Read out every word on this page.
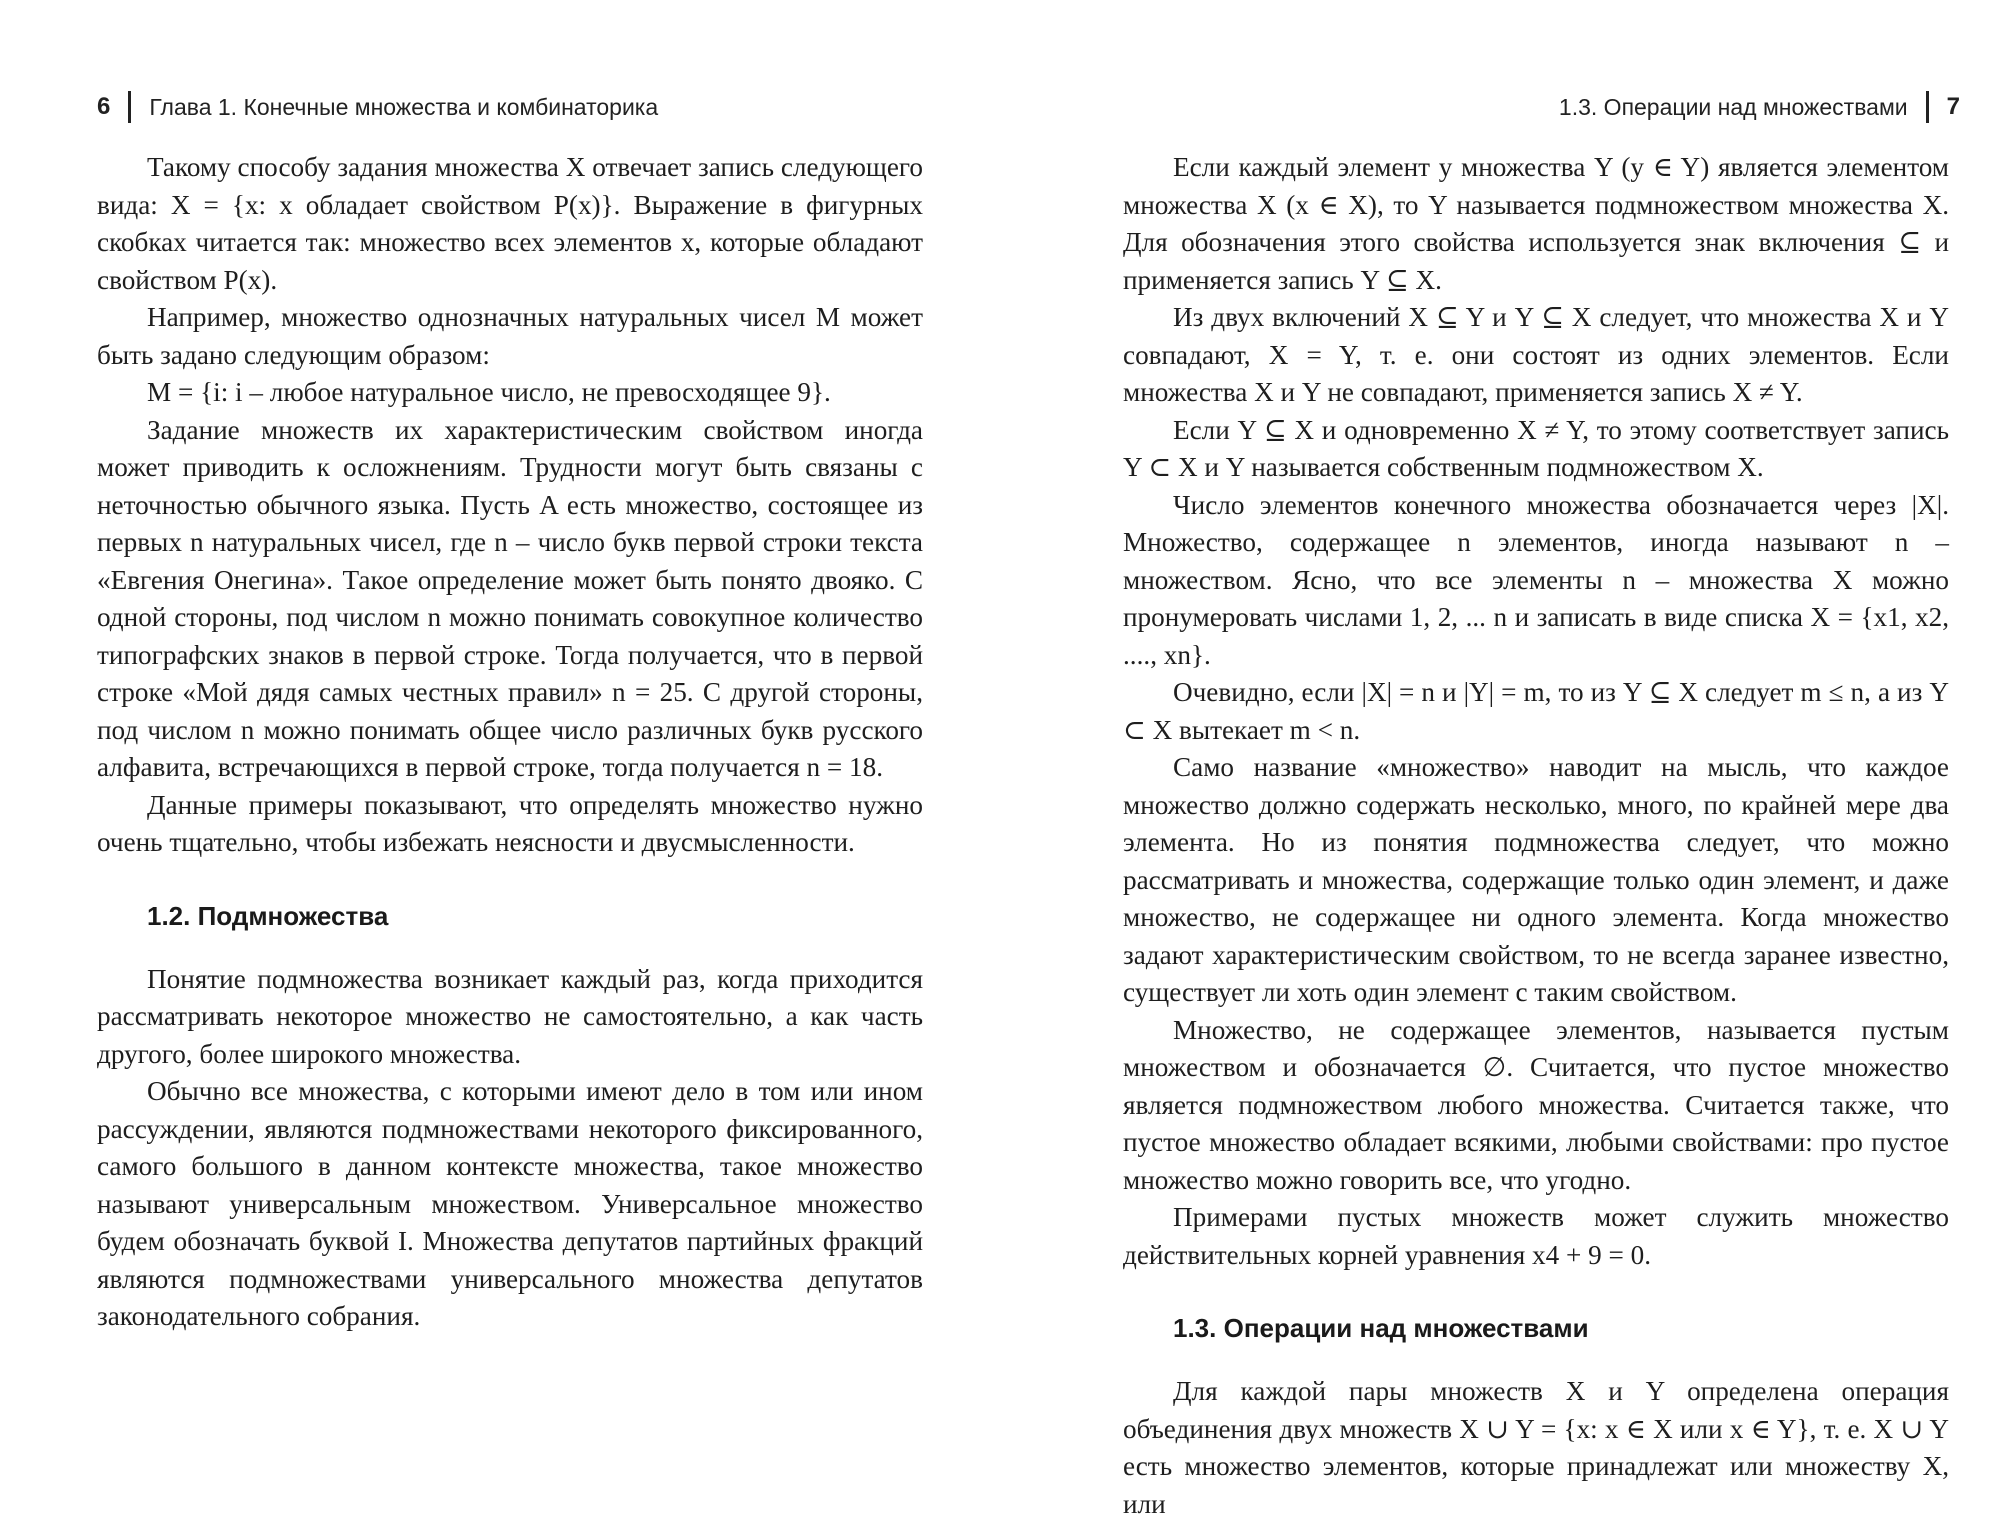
6 Глава 1. Конечные множества и комбинаторика

Такому способу задания множества X отвечает запись следующего вида: X = {x: x обладает свойством P(x)}. Выражение в фигурных скобках читается так: множество всех элементов x, которые обладают свойством P(x).

Например, множество однозначных натуральных чисел M может быть задано следующим образом:

M = {i: i – любое натуральное число, не превосходящее 9}.

Задание множеств их характеристическим свойством иногда может приводить к осложнениям. Трудности могут быть связаны с неточностью обычного языка. Пусть A есть множество, состоящее из первых n натуральных чисел, где n – число букв первой строки текста «Евгения Онегина». Такое определение может быть понято двояко. С одной стороны, под числом n можно понимать совокупное количество типографских знаков в первой строке. Тогда получается, что в первой строке «Мой дядя самых честных правил» n = 25. С другой стороны, под числом n можно понимать общее число различных букв русского алфавита, встречающихся в первой строке, тогда получается n = 18.

Данные примеры показывают, что определять множество нужно очень тщательно, чтобы избежать неясности и двусмысленности.

1.2. Подмножества

Понятие подмножества возникает каждый раз, когда приходится рассматривать некоторое множество не самостоятельно, а как часть другого, более широкого множества.

Обычно все множества, с которыми имеют дело в том или ином рассуждении, являются подмножествами некоторого фиксированного, самого большого в данном контексте множества, такое множество называют универсальным множеством. Универсальное множество будем обозначать буквой I. Множества депутатов партийных фракций являются подмножествами универсального множества депутатов законодательного собрания.

1.3. Операции над множествами 7

Если каждый элемент y множества Y (y ∈ Y) является элементом множества X (x ∈ X), то Y называется подмножеством множества X. Для обозначения этого свойства используется знак включения ⊆ и применяется запись Y ⊆ X.

Из двух включений X ⊆ Y и Y ⊆ X следует, что множества X и Y совпадают, X = Y, т. е. они состоят из одних элементов. Если множества X и Y не совпадают, применяется запись X ≠ Y.

Если Y ⊆ X и одновременно X ≠ Y, то этому соответствует запись Y ⊂ X и Y называется собственным подмножеством X.

Число элементов конечного множества обозначается через |X|. Множество, содержащее n элементов, иногда называют n – множеством. Ясно, что все элементы n – множества X можно пронумеровать числами 1, 2, ... n и записать в виде списка X = {x1, x2, ...., xn}.

Очевидно, если |X| = n и |Y| = m, то из Y ⊆ X следует m ≤ n, а из Y ⊂ X вытекает m < n.

Само название «множество» наводит на мысль, что каждое множество должно содержать несколько, много, по крайней мере два элемента. Но из понятия подмножества следует, что можно рассматривать и множества, содержащие только один элемент, и даже множество, не содержащее ни одного элемента. Когда множество задают характеристическим свойством, то не всегда заранее известно, существует ли хоть один элемент с таким свойством.

Множество, не содержащее элементов, называется пустым множеством и обозначается ∅. Считается, что пустое множество является подмножеством любого множества. Считается также, что пустое множество обладает всякими, любыми свойствами: про пустое множество можно говорить все, что угодно.

Примерами пустых множеств может служить множество действительных корней уравнения x4 + 9 = 0.

1.3. Операции над множествами

Для каждой пары множеств X и Y определена операция объединения двух множеств X ∪ Y = {x: x ∈ X или x ∈ Y}, т. е. X ∪ Y есть множество элементов, которые принадлежат или множеству X, или
